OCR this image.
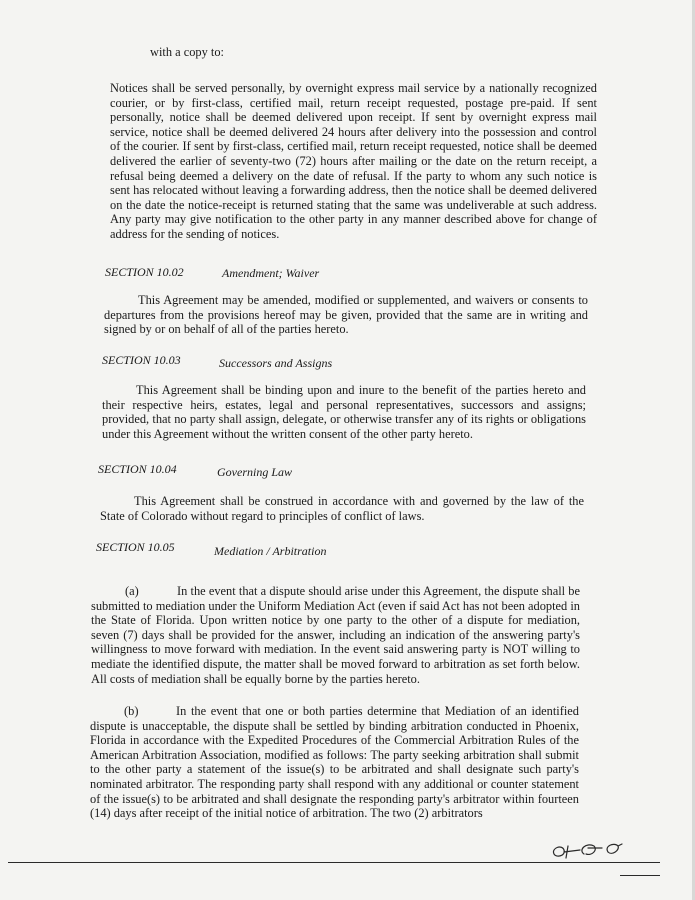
with a copy to:

Notices shall be served personally, by overnight express mail service by a nationally recognized courier, or by first-class, certified mail, return receipt requested, postage pre-paid. If sent personally, notice shall be deemed delivered upon receipt. If sent by overnight express mail service, notice shall be deemed delivered 24 hours after delivery into the possession and control of the courier. If sent by first-class, certified mail, return receipt requested, notice shall be deemed delivered the earlier of seventy-two (72) hours after mailing or the date on the return receipt, a refusal being deemed a delivery on the date of refusal. If the party to whom any such notice is sent has relocated without leaving a forwarding address, then the notice shall be deemed delivered on the date the notice-receipt is returned stating that the same was undeliverable at such address. Any party may give notification to the other party in any manner described above for change of address for the sending of notices.

SECTION 10.02	Amendment; Waiver

This Agreement may be amended, modified or supplemented, and waivers or consents to departures from the provisions hereof may be given, provided that the same are in writing and signed by or on behalf of all of the parties hereto.

SECTION 10.03	Successors and Assigns

This Agreement shall be binding upon and inure to the benefit of the parties hereto and their respective heirs, estates, legal and personal representatives, successors and assigns; provided, that no party shall assign, delegate, or otherwise transfer any of its rights or obligations under this Agreement without the written consent of the other party hereto.

SECTION 10.04	Governing Law

This Agreement shall be construed in accordance with and governed by the law of the State of Colorado without regard to principles of conflict of laws.

SECTION 10.05	Mediation / Arbitration

(a)	In the event that a dispute should arise under this Agreement, the dispute shall be submitted to mediation under the Uniform Mediation Act (even if said Act has not been adopted in the State of Florida. Upon written notice by one party to the other of a dispute for mediation, seven (7) days shall be provided for the answer, including an indication of the answering party's willingness to move forward with mediation. In the event said answering party is NOT willing to mediate the identified dispute, the matter shall be moved forward to arbitration as set forth below. All costs of mediation shall be equally borne by the parties hereto.

(b)	In the event that one or both parties determine that Mediation of an identified dispute is unacceptable, the dispute shall be settled by binding arbitration conducted in Phoenix, Florida in accordance with the Expedited Procedures of the Commercial Arbitration Rules of the American Arbitration Association, modified as follows: The party seeking arbitration shall submit to the other party a statement of the issue(s) to be arbitrated and shall designate such party's nominated arbitrator. The responding party shall respond with any additional or counter statement of the issue(s) to be arbitrated and shall designate the responding party's arbitrator within fourteen (14) days after receipt of the initial notice of arbitration. The two (2) arbitrators
